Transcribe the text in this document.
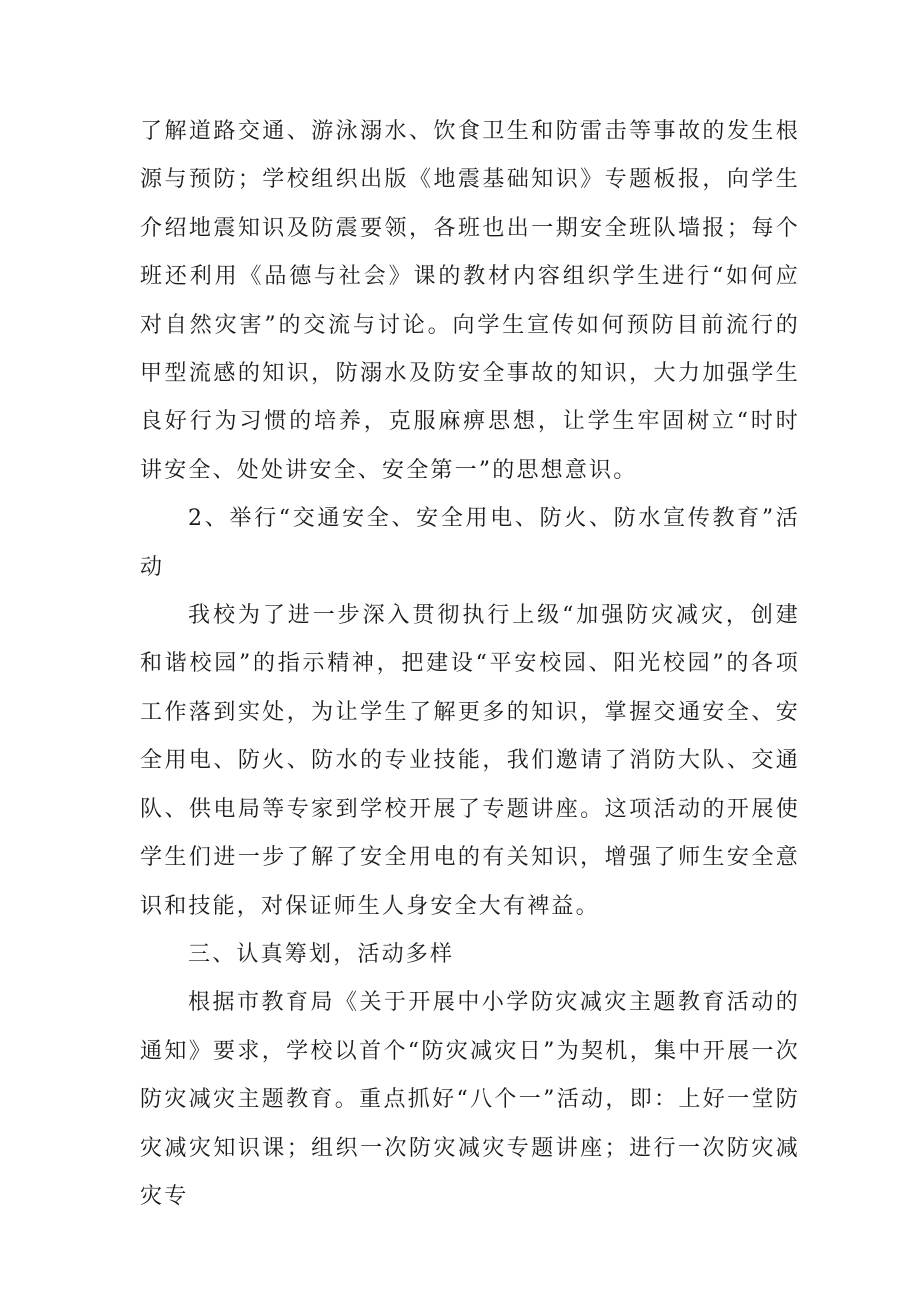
了解道路交通、游泳溺水、饮食卫生和防雷击等事故的发生根源与预防；学校组织出版《地震基础知识》专题板报，向学生介绍地震知识及防震要领，各班也出一期安全班队墙报；每个班还利用《品德与社会》课的教材内容组织学生进行“如何应对自然灾害”的交流与讨论。向学生宣传如何预防目前流行的甲型流感的知识，防溺水及防安全事故的知识，大力加强学生良好行为习惯的培养，克服麻痹思想，让学生牢固树立“时时讲安全、处处讲安全、安全第一”的思想意识。

2、举行“交通安全、安全用电、防火、防水宣传教育”活动

我校为了进一步深入贯彻执行上级“加强防灾减灾，创建和谐校园”的指示精神，把建设“平安校园、阳光校园”的各项工作落到实处，为让学生了解更多的知识，掌握交通安全、安全用电、防火、防水的专业技能，我们邀请了消防大队、交通队、供电局等专家到学校开展了专题讲座。这项活动的开展使学生们进一步了解了安全用电的有关知识，增强了师生安全意识和技能，对保证师生人身安全大有裨益。

三、认真筹划，活动多样

根据市教育局《关于开展中小学防灾减灾主题教育活动的通知》要求，学校以首个“防灾减灾日”为契机，集中开展一次防灾减灾主题教育。重点抓好“八个一”活动，即：上好一堂防灾减灾知识课；组织一次防灾减灾专题讲座；进行一次防灾减灾专
